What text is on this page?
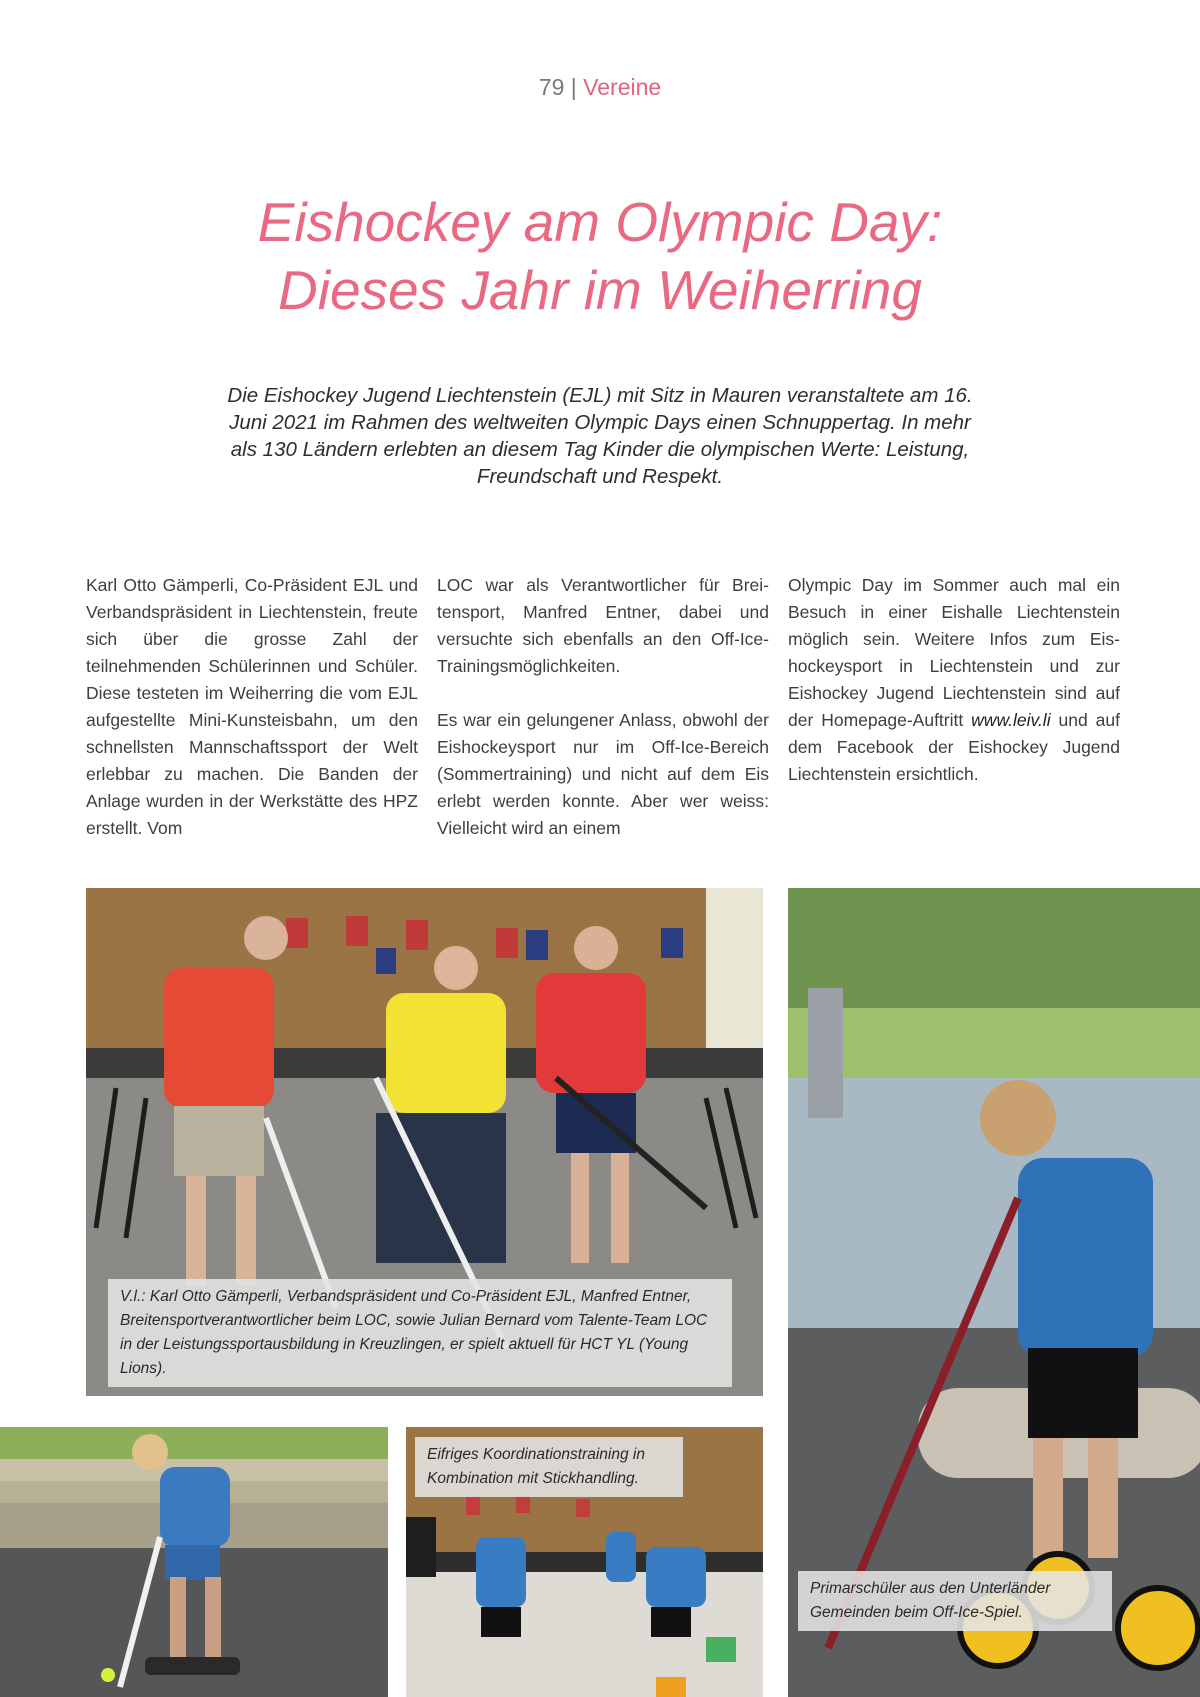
79 | Vereine
Eishockey am Olympic Day:
Dieses Jahr im Weiherring
Die Eishockey Jugend Liechtenstein (EJL) mit Sitz in Mauren veranstaltete am 16. Juni 2021 im Rahmen des weltweiten Olympic Days einen Schnuppertag. In mehr als 130 Ländern erlebten an diesem Tag Kinder die olympischen Werte: Leistung, Freundschaft und Respekt.

Karl Otto Gämperli, Co-Präsident EJL und Verbandspräsident in Liechtenstein, freute sich über die grosse Zahl der teilnehmenden Schülerinnen und Schüler. Diese testeten im Weiherring die vom EJL aufgestellte Mini-Kunsteisbahn, um den schnellsten Mannschaftssport der Welt erlebbar zu machen. Die Banden der Anlage wurden in der Werkstätte des HPZ erstellt. Vom

LOC war als Verantwortlicher für Breitensport, Manfred Entner, dabei und versuchte sich ebenfalls an den Off-Ice-Trainingsmöglichkeiten.

Es war ein gelungener Anlass, obwohl der Eishockeysport nur im Off-Ice-Bereich (Sommertraining) und nicht auf dem Eis erlebt werden konnte. Aber wer weiss: Vielleicht wird an einem

Olympic Day im Sommer auch mal ein Besuch in einer Eishalle Liechtenstein möglich sein. Weitere Infos zum Eishockeysport in Liechtenstein und zur Eishockey Jugend Liechtenstein sind auf der Homepage-Auftritt www.leiv.li und auf dem Facebook der Eishockey Jugend Liechtenstein ersichtlich.

V.l.: Karl Otto Gämperli, Verbandspräsident und Co-Präsident EJL, Manfred Entner, Breitensportverantwortlicher beim LOC, sowie Julian Bernard vom Talente-Team LOC in der Leistungssportausbildung in Kreuzlingen, er spielt aktuell für HCT YL (Young Lions).
Primarschüler aus den Unterländer Gemeinden beim Off-Ice-Spiel.
Eifriges Koordinationstraining in Kombination mit Stickhandling.
